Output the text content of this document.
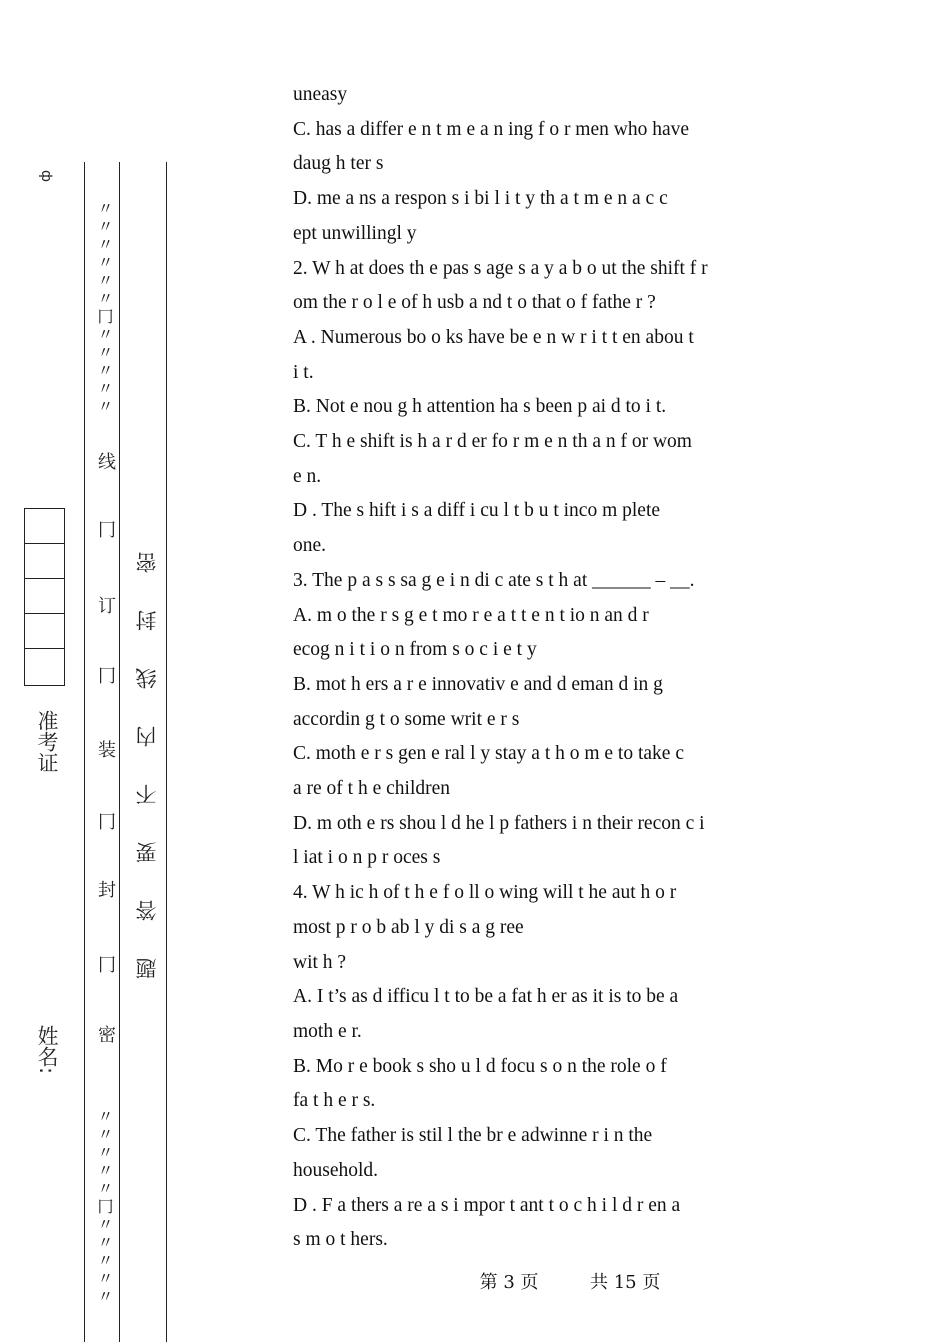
ф
准考证
姓名:
〃〃〃〃〃〃冂〃〃〃〃〃
线
冂
订
冂
装
冂
封
冂
密
〃〃〃〃〃冂〃〃〃〃〃
题答要不内线封密
uneasy
C. has a differ e n t m e a n ing f o r men who have
daug h ter s
D. me a ns a respon s i bi l i t y th a t m e n a c c
ept unwillingl y
2. W h at does th e pas s age s a y a b o ut the shift f r
om the r o l e of h usb a nd t o that o f fathe r ?
A . Numerous bo o ks have be e n w r i t t en abou t
i t.
B. Not e nou g h attention ha s been p ai d to i t.
C. T h e shift is h a r d er fo r m e n th a n f or wom
e n.
D . The s hift i s a diff i cu l t b u t inco m plete
one.
3. The p a s s sa g e i n di c ate s t h at ______ – __.
A. m o the r s g e t mo r e a t t e n t io n an d r
ecog n i t i o n from s o c i e t y
B. mot h ers a r e innovativ e and d eman d in g
accordin g t o some writ e r s
C. moth e r s gen e ral l y stay a t h o m e to take c
a re of t h e children
D. m oth e rs shou l d he l p fathers i n their recon c i
l iat i o n p r oces s
4. W h ic h of t h e f o ll o wing will t he aut h o r
most p r o b ab l y di s a g ree
wit h ?
A. I t’s as d ifficu l t to be a fat h er as it is to be a
moth e r.
B. Mo r e book s sho u l d focu s o n the role o f
fa t h e r s.
C. The father is stil l the br e adwinne r i n the
household.
D . F a thers a re a s i mpor t ant t o c h i l d r en a
s m o t hers.
第 3 页	共 15 页
